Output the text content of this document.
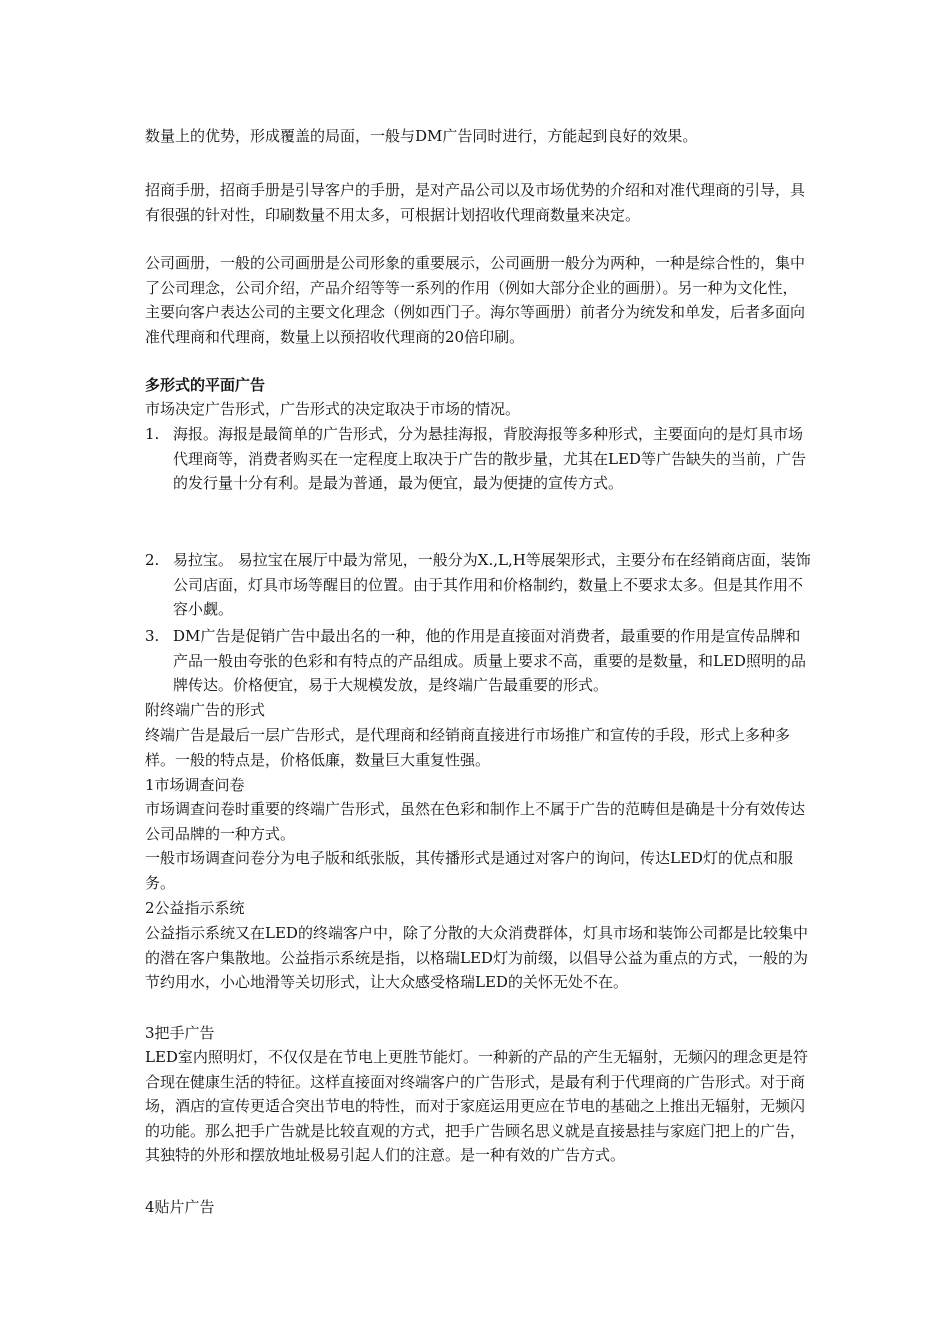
数量上的优势，形成覆盖的局面，一般与DM广告同时进行，方能起到良好的效果。

招商手册，招商手册是引导客户的手册，是对产品公司以及市场优势的介绍和对准代理商的引导，具有很强的针对性，印刷数量不用太多，可根据计划招收代理商数量来决定。

公司画册，一般的公司画册是公司形象的重要展示，公司画册一般分为两种，一种是综合性的，集中了公司理念，公司介绍，产品介绍等等一系列的作用（例如大部分企业的画册）。另一种为文化性，主要向客户表达公司的主要文化理念（例如西门子。海尔等画册）前者分为统发和单发，后者多面向准代理商和代理商，数量上以预招收代理商的20倍印刷。

多形式的平面广告

市场决定广告形式，广告形式的决定取决于市场的情况。

1. 海报。海报是最简单的广告形式，分为悬挂海报，背胶海报等多种形式，主要面向的是灯具市场代理商等，消费者购买在一定程度上取决于广告的散步量，尤其在LED等广告缺失的当前，广告的发行量十分有利。是最为普通，最为便宜，最为便捷的宣传方式。
2. 易拉宝。 易拉宝在展厅中最为常见，一般分为X.,L,H等展架形式，主要分布在经销商店面，装饰公司店面，灯具市场等醒目的位置。由于其作用和价格制约，数量上不要求太多。但是其作用不容小觑。
3. DM广告是促销广告中最出名的一种，他的作用是直接面对消费者，最重要的作用是宣传品牌和产品一般由夸张的色彩和有特点的产品组成。质量上要求不高，重要的是数量，和LED照明的品牌传达。价格便宜，易于大规模发放，是终端广告最重要的形式。

附终端广告的形式

终端广告是最后一层广告形式，是代理商和经销商直接进行市场推广和宣传的手段，形式上多种多样。一般的特点是，价格低廉，数量巨大重复性强。

1市场调查问卷

市场调查问卷时重要的终端广告形式，虽然在色彩和制作上不属于广告的范畴但是确是十分有效传达公司品牌的一种方式。

一般市场调查问卷分为电子版和纸张版，其传播形式是通过对客户的询问，传达LED灯的优点和服务。

2公益指示系统

公益指示系统又在LED的终端客户中，除了分散的大众消费群体，灯具市场和装饰公司都是比较集中的潜在客户集散地。公益指示系统是指，以格瑞LED灯为前缀，以倡导公益为重点的方式，一般的为 节约用水，小心地滑等关切形式，让大众感受格瑞LED的关怀无处不在。

3把手广告

LED室内照明灯，不仅仅是在节电上更胜节能灯。一种新的产品的产生无辐射，无频闪的理念更是符合现在健康生活的特征。这样直接面对终端客户的广告形式，是最有利于代理商的广告形式。对于商场，酒店的宣传更适合突出节电的特性，而对于家庭运用更应在节电的基础之上推出无辐射，无频闪的功能。那么把手广告就是比较直观的方式，把手广告顾名思义就是直接悬挂与家庭门把上的广告，其独特的外形和摆放地址极易引起人们的注意。是一种有效的广告方式。

4贴片广告
